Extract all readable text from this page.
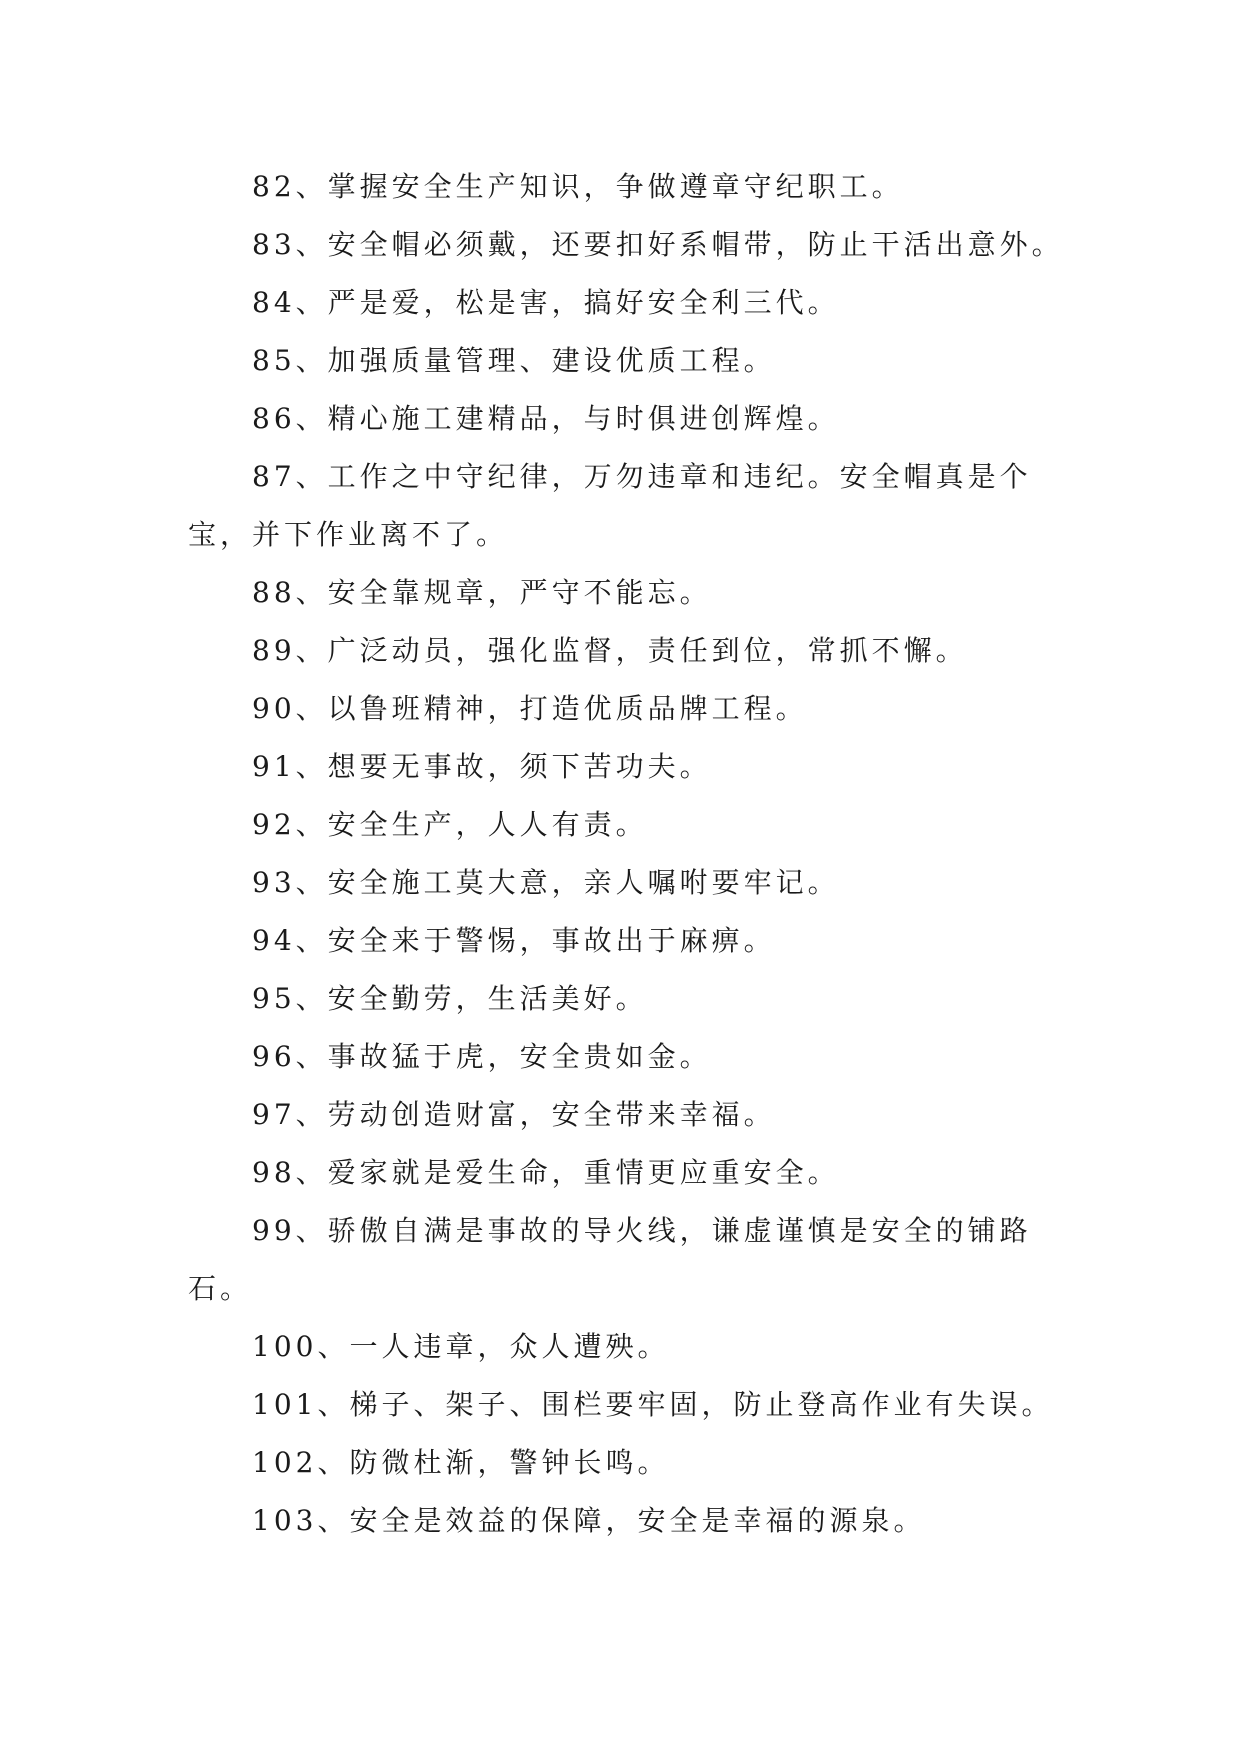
82、掌握安全生产知识，争做遵章守纪职工。
83、安全帽必须戴，还要扣好系帽带，防止干活出意外。
84、严是爱，松是害，搞好安全利三代。
85、加强质量管理、建设优质工程。
86、精心施工建精品，与时俱进创辉煌。
87、工作之中守纪律，万勿违章和违纪。安全帽真是个
宝，并下作业离不了。
88、安全靠规章，严守不能忘。
89、广泛动员，强化监督，责任到位，常抓不懈。
90、以鲁班精神，打造优质品牌工程。
91、想要无事故，须下苦功夫。
92、安全生产，人人有责。
93、安全施工莫大意，亲人嘱咐要牢记。
94、安全来于警惕，事故出于麻痹。
95、安全勤劳，生活美好。
96、事故猛于虎，安全贵如金。
97、劳动创造财富，安全带来幸福。
98、爱家就是爱生命，重情更应重安全。
99、骄傲自满是事故的导火线，谦虚谨慎是安全的铺路
石。
100、一人违章，众人遭殃。
101、梯子、架子、围栏要牢固，防止登高作业有失误。
102、防微杜渐，警钟长鸣。
103、安全是效益的保障，安全是幸福的源泉。
